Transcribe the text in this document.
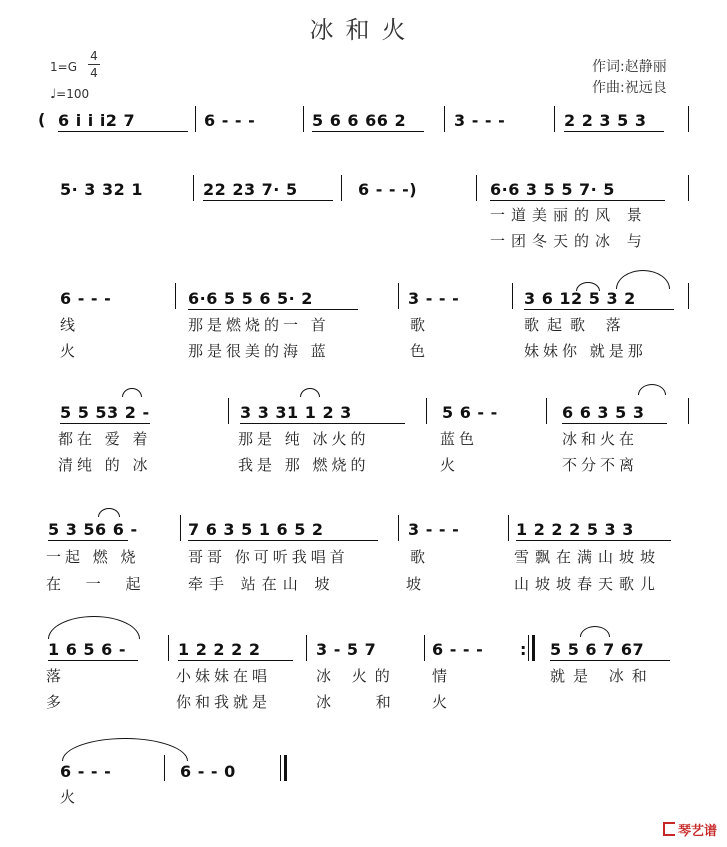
冰和火
作词:赵静丽
作曲:祝远良
1=G
4
4
♩=100
( 6 i i i2 7	6 - - -	5 6 6 66 2	3 - - -	2 2 3 5 3
5· 3 32 1	22 23 7· 5	6 - - -)	6·6 3 5 5 7· 5
一道美丽的风 景
一团冬天的冰 与
6 - - -	6·6 5 5 6 5· 2	3 - - -	3 6 12 5 3 2
线	那是燃烧的一 首	歌	歌起歌 落
火	那是很美的海 蓝	色	妹妹你 就是那
5 5 53 2 -	3 3 31 1 2 3	5 6 - -	6 6 3 5 3
都在 爱 着	那是 纯 冰火的	蓝色	冰和火在
清纯 的 冰	我是 那 燃烧的	火	不分不离
5 3 56 6 -	7 6 3 5 1 6 5 2	3 - - -	1 2 2 2 5 3 3
一起 燃 烧	哥哥 你可听我唱首	歌	雪飘在满山坡坡
在 一 起 牵手 站在山 坡	坡	山坡坡春天歌儿
1 6 5 6 -	1 2 2 2 2	3 - 5 7	6 - - - : 5 5 6 7 67
落	小妹妹在唱	冰 火的 情	就是 冰和
多	你和我就是	冰 和 火
6 - - -	6 - - 0
火
琴艺谱
